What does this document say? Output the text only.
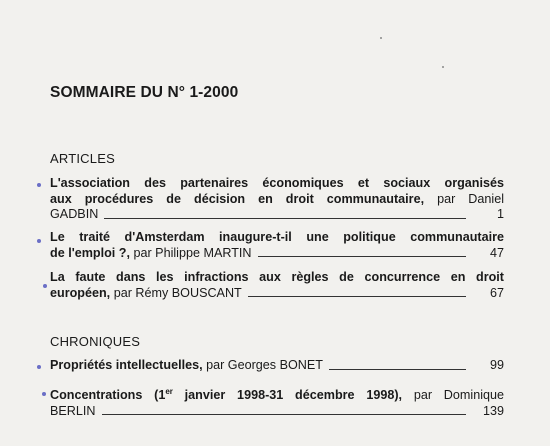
SOMMAIRE DU N° 1-2000
ARTICLES
L'association des partenaires économiques et sociaux organisés
aux procédures de décision en droit communautaire, par Daniel
GADBIN	1
Le traité d'Amsterdam inaugure-t-il une politique communautaire
de l'emploi ?,
par Philippe MARTIN	47
La faute dans les infractions aux règles de concurrence en droit
européen,
par Rémy BOUSCANT	67
CHRONIQUES
Propriétés intellectuelles,
par Georges BONET	99
Concentrations (1er janvier 1998-31 décembre 1998), par Dominique
BERLIN	139
